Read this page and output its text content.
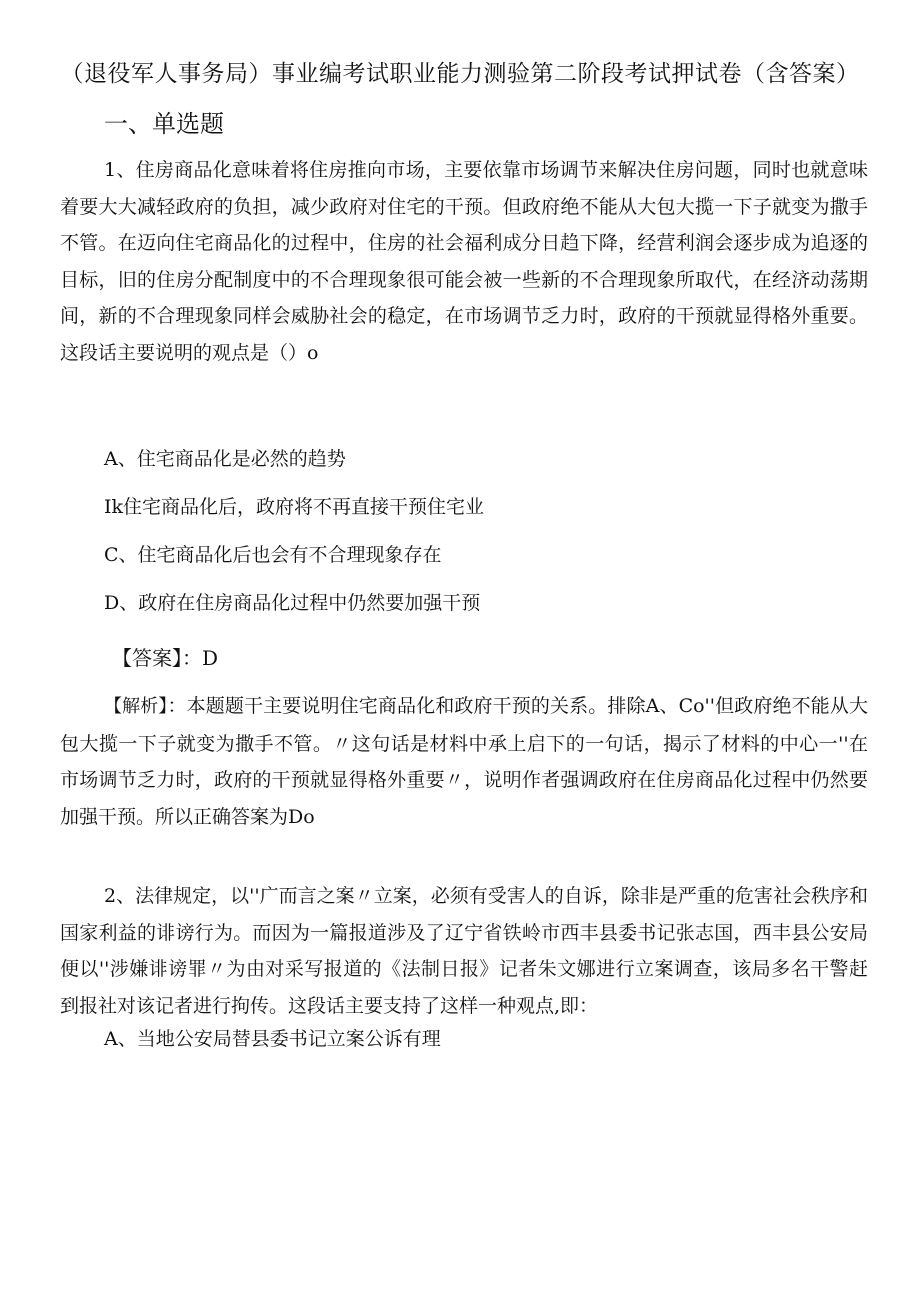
（退役军人事务局）事业编考试职业能力测验第二阶段考试押试卷（含答案）
一、单选题

1、住房商品化意味着将住房推向市场，主要依靠市场调节来解决住房问题，同时也就意味着要大大减轻政府的负担，减少政府对住宅的干预。但政府绝不能从大包大揽一下子就变为撒手不管。在迈向住宅商品化的过程中，住房的社会福利成分日趋下降，经营利润会逐步成为追逐的目标，旧的住房分配制度中的不合理现象很可能会被一些新的不合理现象所取代，在经济动荡期间，新的不合理现象同样会威胁社会的稳定，在市场调节乏力时，政府的干预就显得格外重要。这段话主要说明的观点是（）o

A、住宅商品化是必然的趋势
Ik住宅商品化后，政府将不再直接干预住宅业
C、住宅商品化后也会有不合理现象存在
D、政府在住房商品化过程中仍然要加强干预
【答案】：D

【解析】：本题题干主要说明住宅商品化和政府干预的关系。排除A、Co''但政府绝不能从大包大揽一下子就变为撒手不管。〃这句话是材料中承上启下的一句话，揭示了材料的中心一''在市场调节乏力时，政府的干预就显得格外重要〃，说明作者强调政府在住房商品化过程中仍然要加强干预。所以正确答案为Do

2、法律规定，以''广而言之案〃立案，必须有受害人的自诉，除非是严重的危害社会秩序和国家利益的诽谤行为。而因为一篇报道涉及了辽宁省铁岭市西丰县委书记张志国，西丰县公安局便以''涉嫌诽谤罪〃为由对采写报道的《法制日报》记者朱文娜进行立案调查，该局多名干警赶到报社对该记者进行拘传。这段话主要支持了这样一种观点,即：

A、当地公安局替县委书记立案公诉有理
